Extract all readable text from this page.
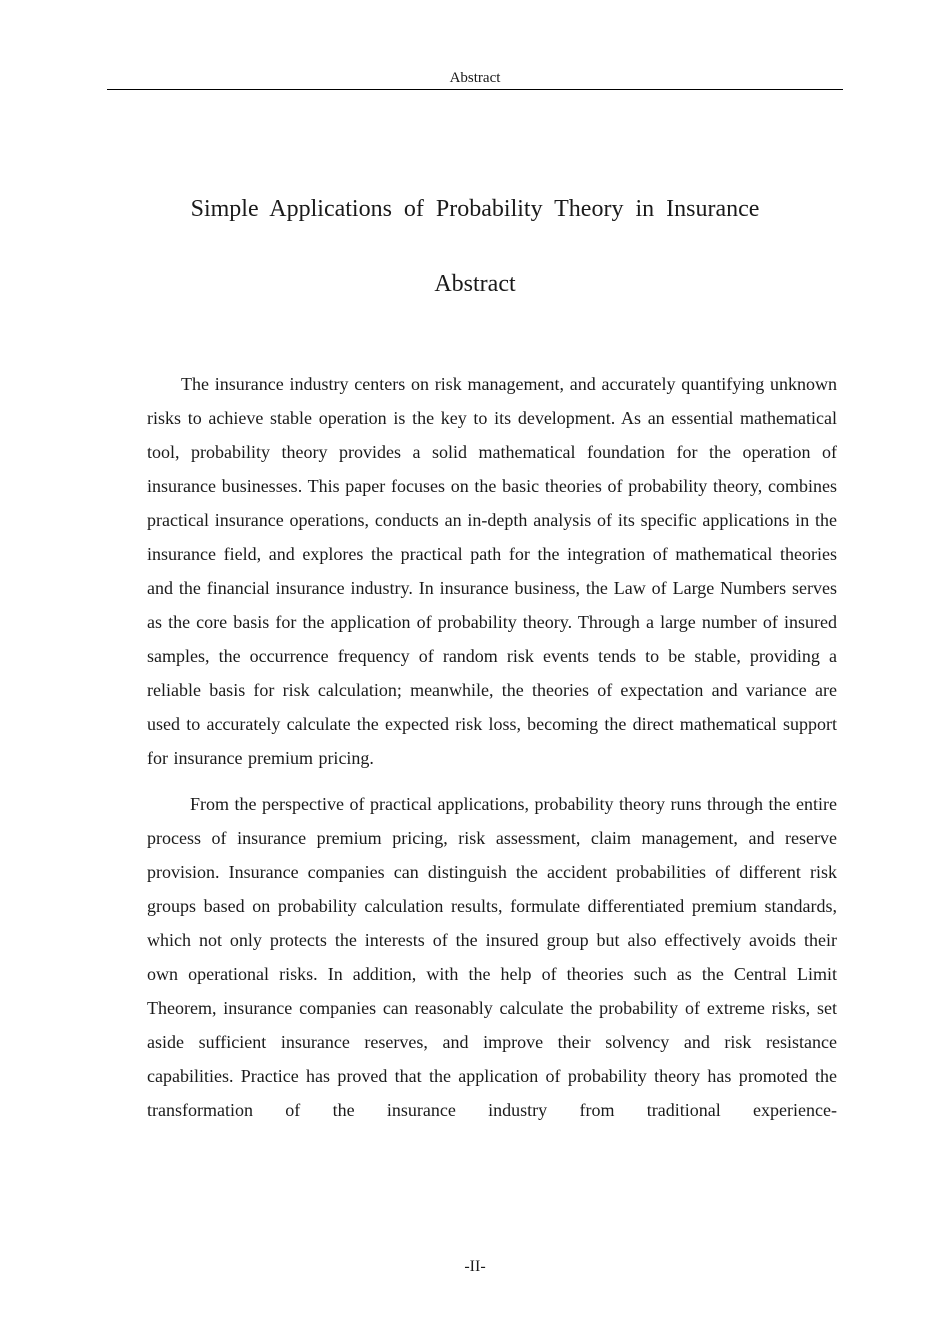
Abstract
Simple Applications of Probability Theory in Insurance
Abstract

The insurance industry centers on risk management, and accurately quantifying unknown risks to achieve stable operation is the key to its development. As an essential mathematical tool, probability theory provides a solid mathematical foundation for the operation of insurance businesses. This paper focuses on the basic theories of probability theory, combines practical insurance operations, conducts an in-depth analysis of its specific applications in the insurance field, and explores the practical path for the integration of mathematical theories and the financial insurance industry. In insurance business, the Law of Large Numbers serves as the core basis for the application of probability theory. Through a large number of insured samples, the occurrence frequency of random risk events tends to be stable, providing a reliable basis for risk calculation; meanwhile, the theories of expectation and variance are used to accurately calculate the expected risk loss, becoming the direct mathematical support for insurance premium pricing.

From the perspective of practical applications, probability theory runs through the entire process of insurance premium pricing, risk assessment, claim management, and reserve provision. Insurance companies can distinguish the accident probabilities of different risk groups based on probability calculation results, formulate differentiated premium standards, which not only protects the interests of the insured group but also effectively avoids their own operational risks. In addition, with the help of theories such as the Central Limit Theorem, insurance companies can reasonably calculate the probability of extreme risks, set aside sufficient insurance reserves, and improve their solvency and risk resistance capabilities. Practice has proved that the application of probability theory has promoted the transformation of the insurance industry from traditional experience-

-II-
